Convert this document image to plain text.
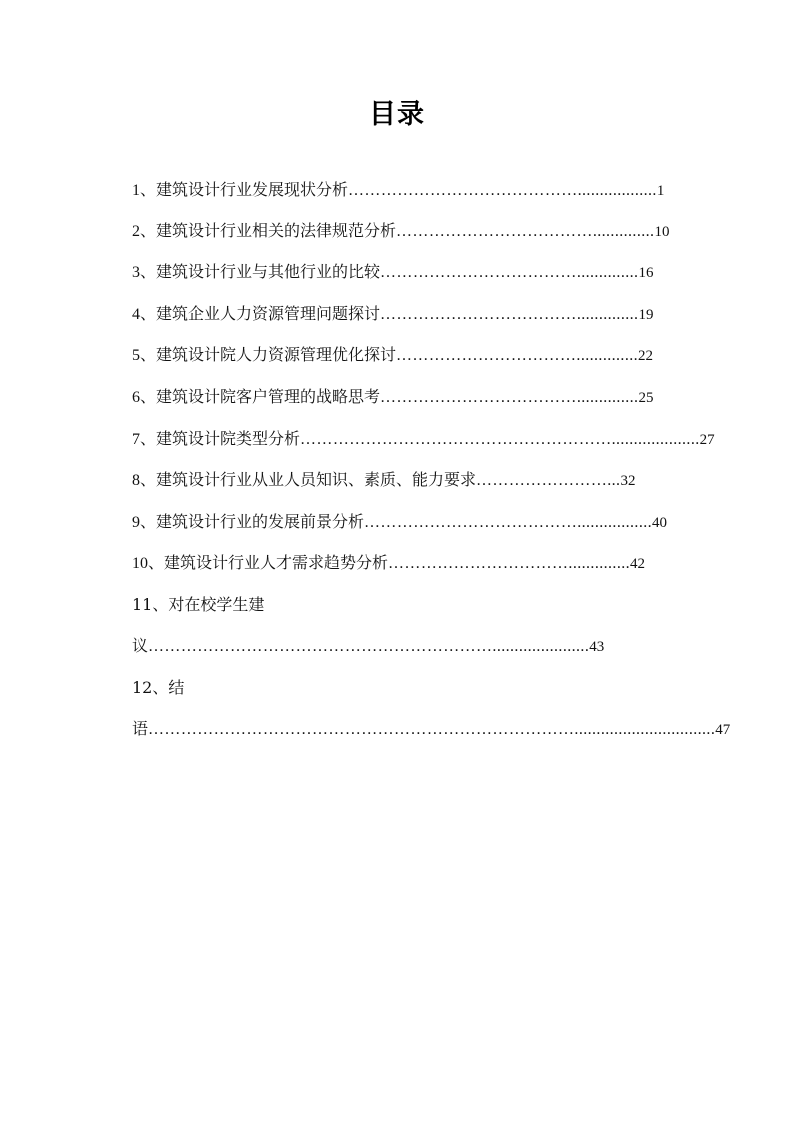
目录
1、建筑设计行业发展现状分析……………………………………..................1
2、建筑设计行业相关的法律规范分析………………………………..............10
3、建筑设计行业与其他行业的比较………………………………..............16
4、建筑企业人力资源管理问题探讨………………………………..............19
5、建筑设计院人力资源管理优化探讨……………………………..............22
6、建筑设计院客户管理的战略思考………………………………..............25
7、建筑设计院类型分析…………………………………………………....................27
8、建筑设计行业从业人员知识、素质、能力要求……………………...32
9、建筑设计行业的发展前景分析………………………………….................40
10、建筑设计行业人才需求趋势分析……………………………..............42
11、对在校学生建
议………………………………………………………......................43
12、结
语……………………………………………………………………................................47
